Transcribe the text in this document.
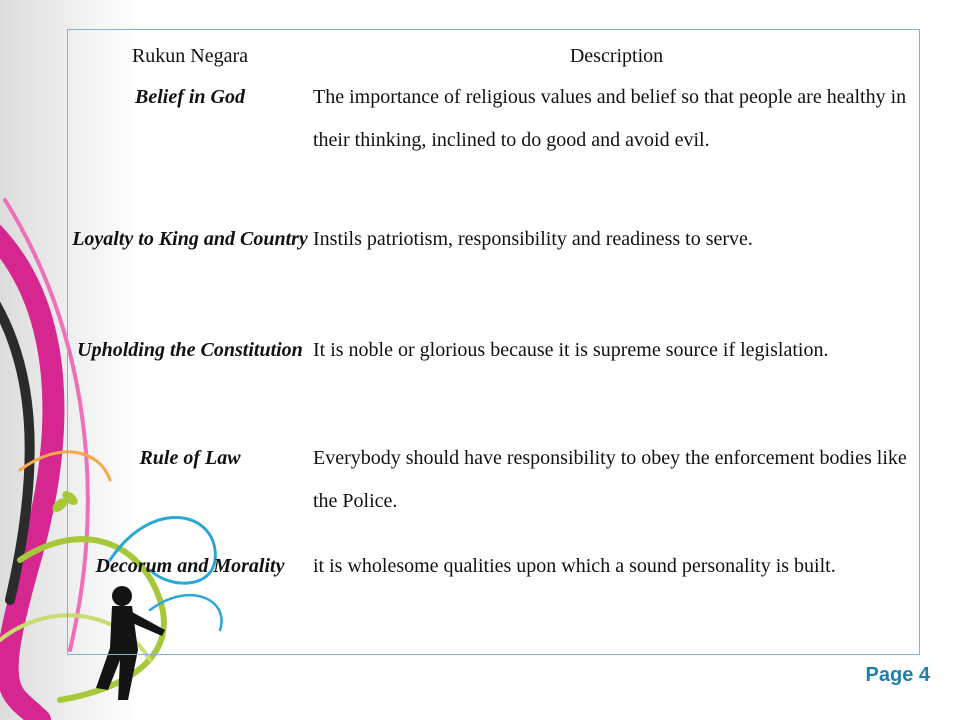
Rukun Negara	Description
Belief in God	The importance of religious values and belief so that people are healthy in their thinking, inclined to do good and avoid evil.
Loyalty to King and Country	Instils patriotism, responsibility and readiness to serve.
Upholding the Constitution	It is noble or glorious because it is supreme source if legislation.
Rule of Law	Everybody should have responsibility to obey the enforcement bodies like the Police.
Decorum and Morality	it is wholesome qualities upon which a sound personality is built.
Page 4
